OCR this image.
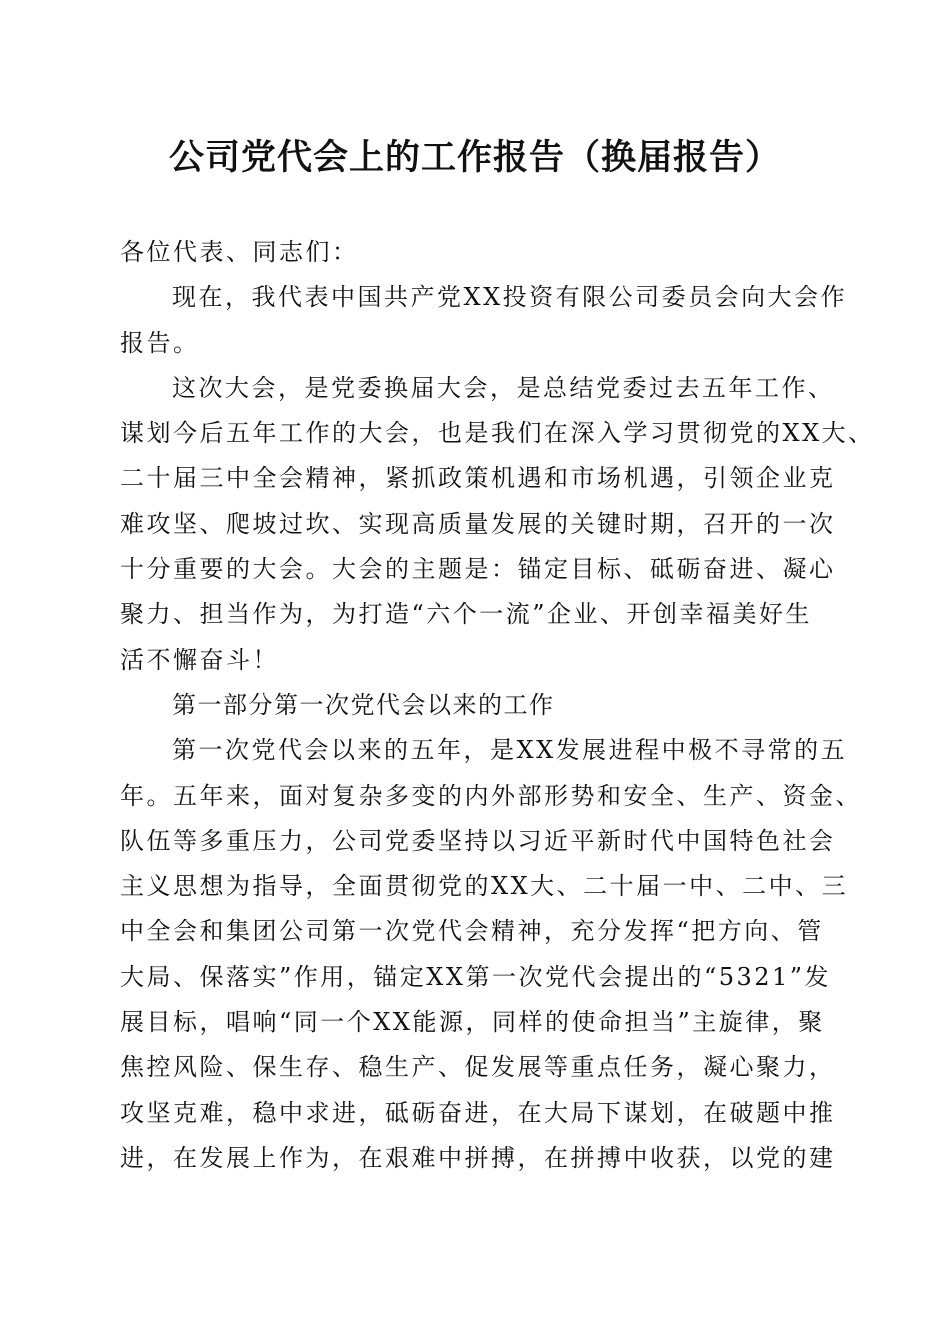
公司党代会上的工作报告（换届报告）
各位代表、同志们：
现在，我代表中国共产党XX投资有限公司委员会向大会作
报告。
这次大会，是党委换届大会，是总结党委过去五年工作、
谋划今后五年工作的大会，也是我们在深入学习贯彻党的XX大、
二十届三中全会精神，紧抓政策机遇和市场机遇，引领企业克
难攻坚、爬坡过坎、实现高质量发展的关键时期，召开的一次
十分重要的大会。大会的主题是：锚定目标、砥砺奋进、凝心
聚力、担当作为，为打造“六个一流”企业、开创幸福美好生
活不懈奋斗！
第一部分第一次党代会以来的工作
第一次党代会以来的五年，是XX发展进程中极不寻常的五
年。五年来，面对复杂多变的内外部形势和安全、生产、资金、
队伍等多重压力，公司党委坚持以习近平新时代中国特色社会
主义思想为指导，全面贯彻党的XX大、二十届一中、二中、三
中全会和集团公司第一次党代会精神，充分发挥“把方向、管
大局、保落实”作用，锚定XX第一次党代会提出的“5321”发
展目标，唱响“同一个XX能源，同样的使命担当”主旋律，聚
焦控风险、保生存、稳生产、促发展等重点任务，凝心聚力，
攻坚克难，稳中求进，砥砺奋进，在大局下谋划，在破题中推
进，在发展上作为，在艰难中拼搏，在拼搏中收获，以党的建
